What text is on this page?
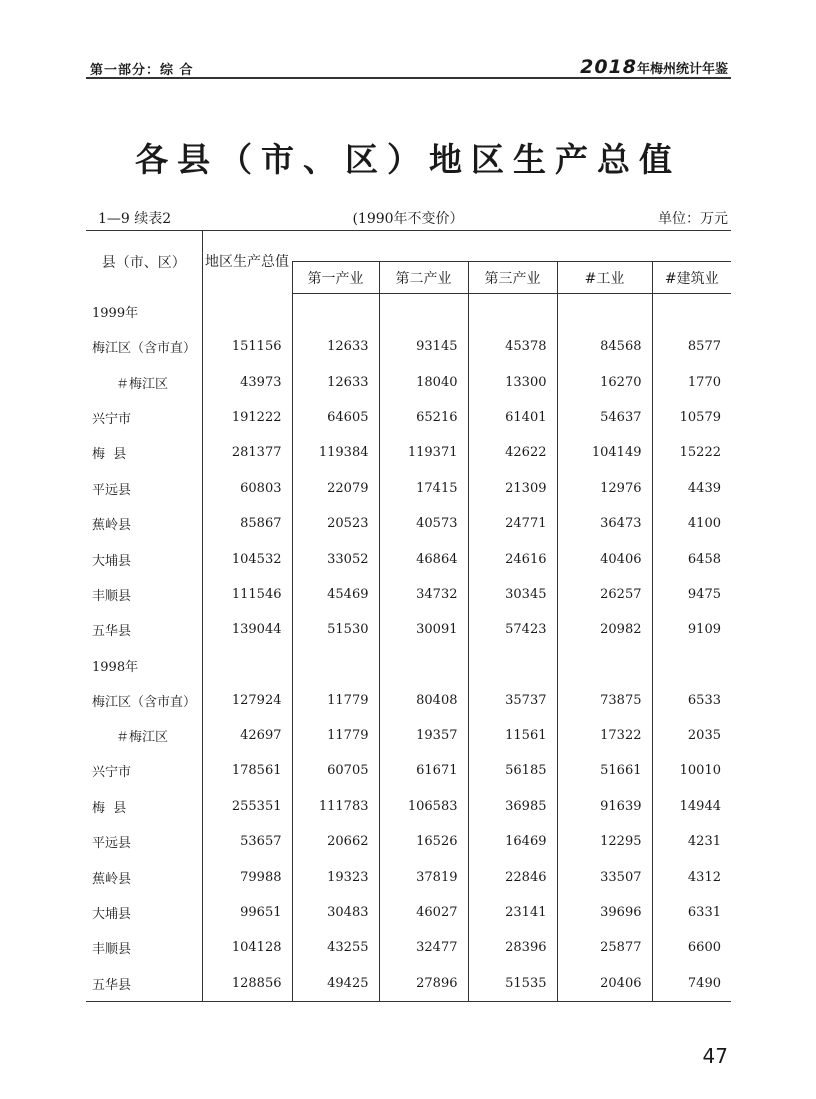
第一部分：综 合	2018年梅州统计年鉴
各县（市、区）地区生产总值
(1990年不变价）
1—9 续表2	单位：万元
县（市、区）	地区生产总值					
		第一产业	第二产业	第三产业	#工业	#建筑业
1999年						
梅江区（含市直）	151156	12633	93145	45378	84568	8577
＃梅江区	43973	12633	18040	13300	16270	1770
兴宁市	191222	64605	65216	61401	54637	10579
梅  县	281377	119384	119371	42622	104149	15222
平远县	60803	22079	17415	21309	12976	4439
蕉岭县	85867	20523	40573	24771	36473	4100
大埔县	104532	33052	46864	24616	40406	6458
丰顺县	111546	45469	34732	30345	26257	9475
五华县	139044	51530	30091	57423	20982	9109
1998年						
梅江区（含市直）	127924	11779	80408	35737	73875	6533
＃梅江区	42697	11779	19357	11561	17322	2035
兴宁市	178561	60705	61671	56185	51661	10010
梅  县	255351	111783	106583	36985	91639	14944
平远县	53657	20662	16526	16469	12295	4231
蕉岭县	79988	19323	37819	22846	33507	4312
大埔县	99651	30483	46027	23141	39696	6331
丰顺县	104128	43255	32477	28396	25877	6600
五华县	128856	49425	27896	51535	20406	7490
47
